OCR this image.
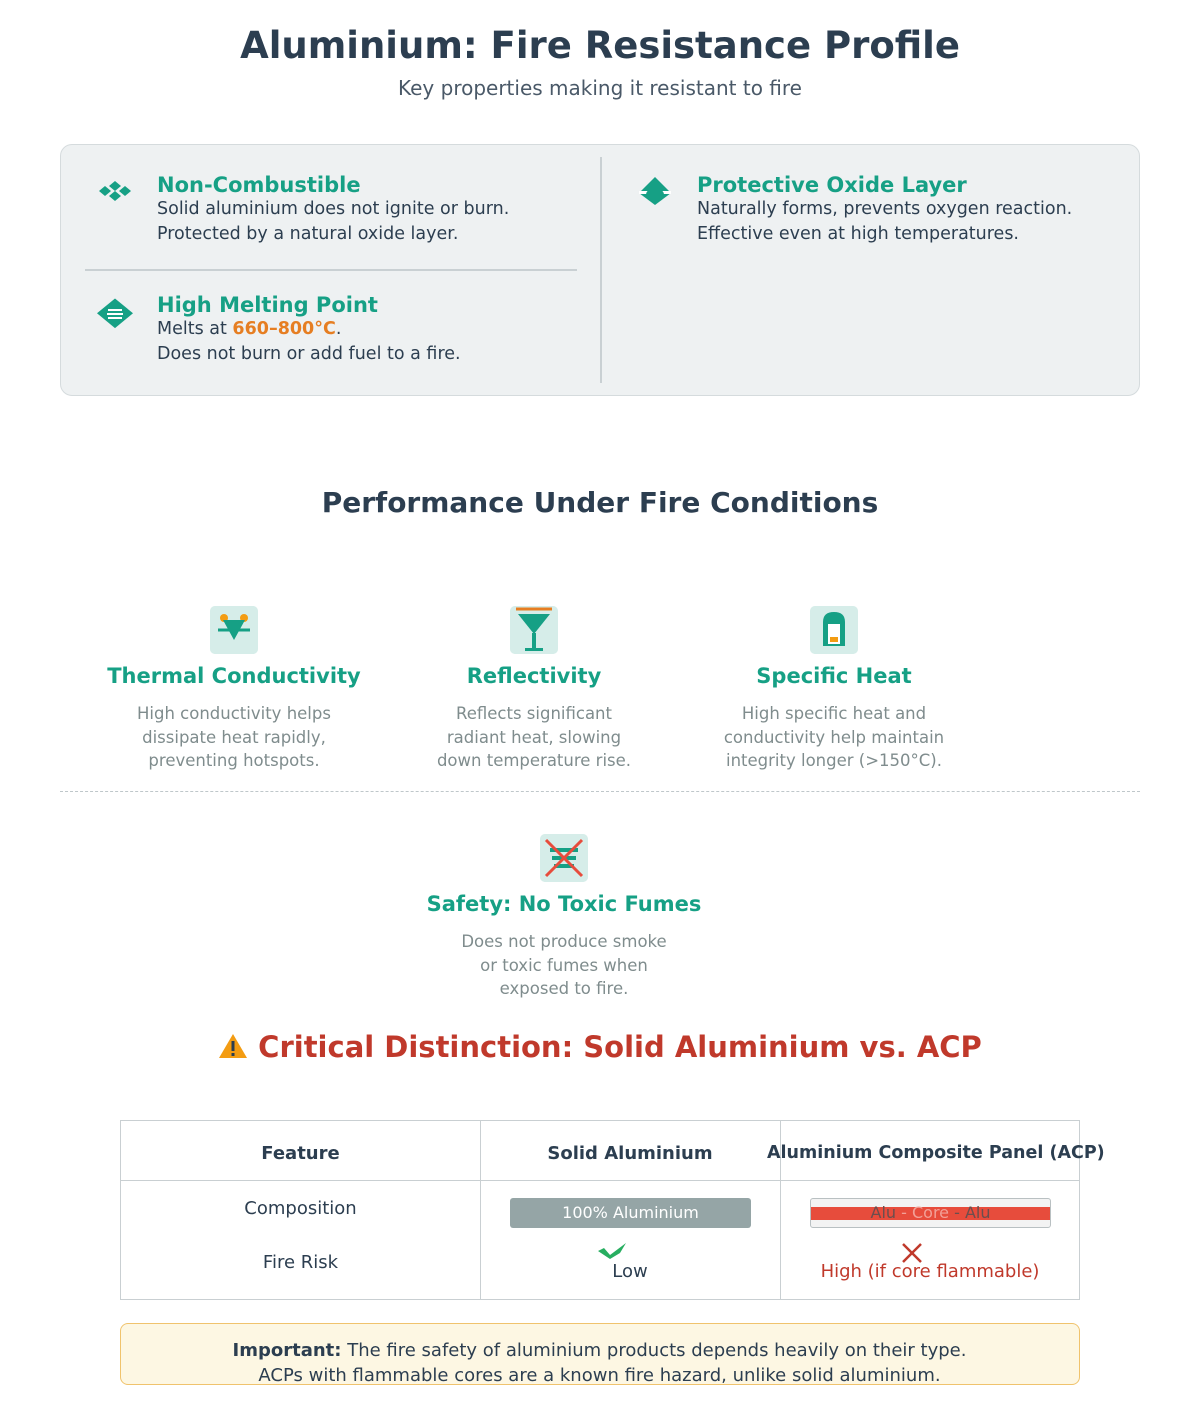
Aluminium: Fire Resistance Profile
Key properties making it resistant to fire
Non-Combustible
Solid aluminium does not ignite or burn.
Protected by a natural oxide layer.
High Melting Point
Melts at 660–800°C.
Does not burn or add fuel to a fire.
Protective Oxide Layer
Naturally forms, prevents oxygen reaction.
Effective even at high temperatures.
Performance Under Fire Conditions
Thermal Conductivity
High conductivity helps
dissipate heat rapidly,
preventing hotspots.
Reflectivity
Reflects significant
radiant heat, slowing
down temperature rise.
Specific Heat
High specific heat and
conductivity help maintain
integrity longer (>150°C).
Safety: No Toxic Fumes
Does not produce smoke
or toxic fumes when
exposed to fire.
Critical Distinction: Solid Aluminium vs. ACP
Feature	Solid Aluminium	Aluminium Composite Panel (ACP)
Composition	100% Aluminium	Alu - Core - Alu
Fire Risk	Low	High (if core flammable)
Important: The fire safety of aluminium products depends heavily on their type.
ACPs with flammable cores are a known fire hazard, unlike solid aluminium.
